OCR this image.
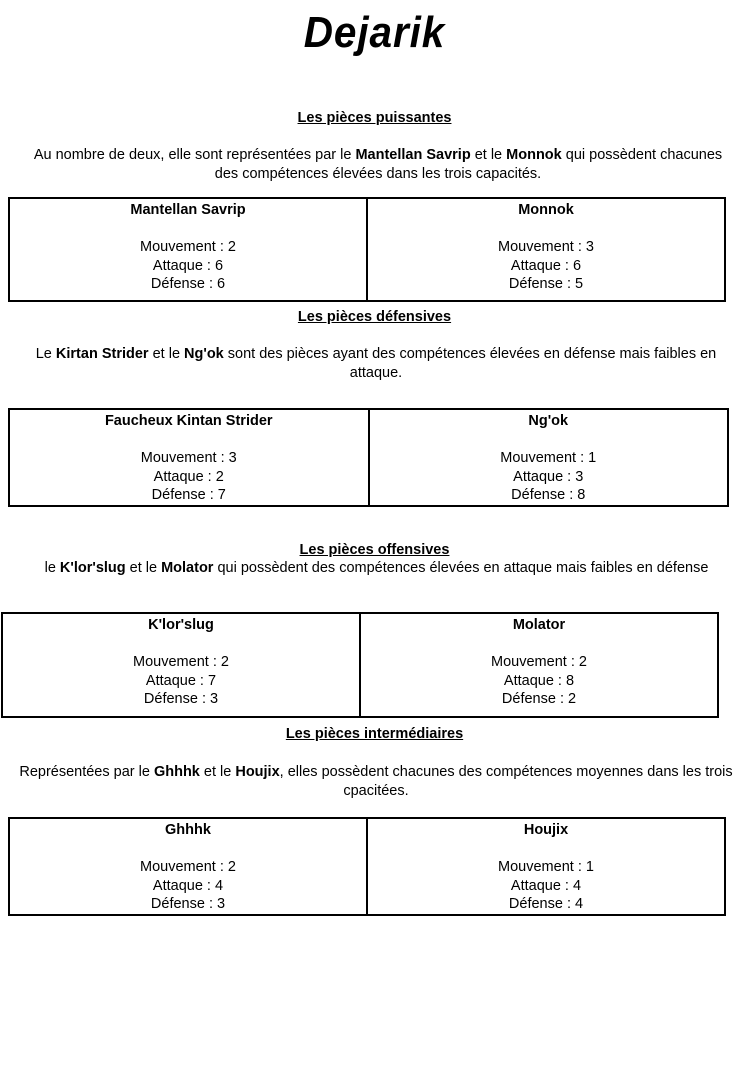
Dejarik
Les pièces puissantes
Au nombre de deux, elle sont représentées par le Mantellan Savrip et le Monnok qui possèdent chacunes des compétences élevées dans les trois capacités.
Mantellan Savrip
Mouvement : 2
Attaque : 6
Défense : 6

Monnok
Mouvement : 3
Attaque : 6
Défense : 5
Les pièces défensives
Le Kirtan Strider et le Ng'ok sont des pièces ayant des compétences élevées en défense mais faibles en attaque.
Faucheux Kintan Strider
Mouvement : 3
Attaque : 2
Défense : 7

Ng'ok
Mouvement : 1
Attaque : 3
Défense : 8
Les pièces offensives
le K'lor'slug et le Molator qui possèdent des compétences élevées en attaque mais faibles en défense
K'lor'slug
Mouvement : 2
Attaque : 7
Défense : 3

Molator
Mouvement : 2
Attaque : 8
Défense : 2
Les pièces intermédiaires
Représentées par le Ghhhk et le Houjix, elles possèdent chacunes des compétences moyennes dans les trois cpacitées.
Ghhhk
Mouvement : 2
Attaque : 4
Défense : 3

Houjix
Mouvement : 1
Attaque : 4
Défense : 4
